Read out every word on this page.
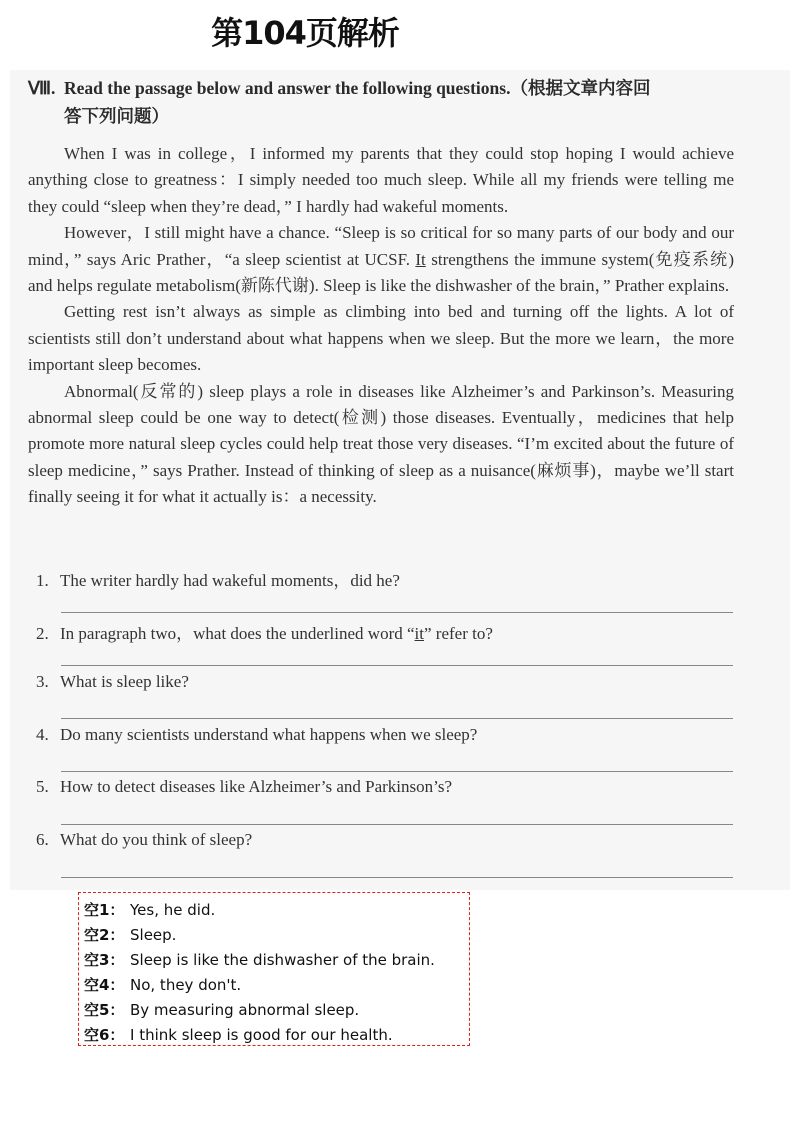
第104页解析
Ⅷ. Read the passage below and answer the following questions.（根据文章内容回
答下列问题）

When I was in college，I informed my parents that they could stop hoping I would achieve anything close to greatness：I simply needed too much sleep. While all my friends were telling me they could “sleep when they’re dead，” I hardly had wakeful moments.

However，I still might have a chance. “Sleep is so critical for so many parts of our body and our mind，” says Aric Prather，“a sleep scientist at UCSF. It strengthens the immune system(免疫系统) and helps regulate metabolism(新陈代谢). Sleep is like the dishwasher of the brain，” Prather explains.

Getting rest isn’t always as simple as climbing into bed and turning off the lights. A lot of scientists still don’t understand about what happens when we sleep. But the more we learn，the more important sleep becomes.

Abnormal(反常的) sleep plays a role in diseases like Alzheimer’s and Parkinson’s. Measuring abnormal sleep could be one way to detect(检测) those diseases. Eventually，medicines that help promote more natural sleep cycles could help treat those very diseases. “I’m excited about the future of sleep medicine，” says Prather. Instead of thinking of sleep as a nuisance(麻烦事)，maybe we’ll start finally seeing it for what it actually is：a necessity.

1. The writer hardly had wakeful moments，did he?
2. In paragraph two，what does the underlined word “it” refer to?
3. What is sleep like?
4. Do many scientists understand what happens when we sleep?
5. How to detect diseases like Alzheimer’s and Parkinson’s?
6. What do you think of sleep?
空1： Yes, he did.
空2： Sleep.
空3： Sleep is like the dishwasher of the brain.
空4： No, they don't.
空5： By measuring abnormal sleep.
空6： I think sleep is good for our health.
